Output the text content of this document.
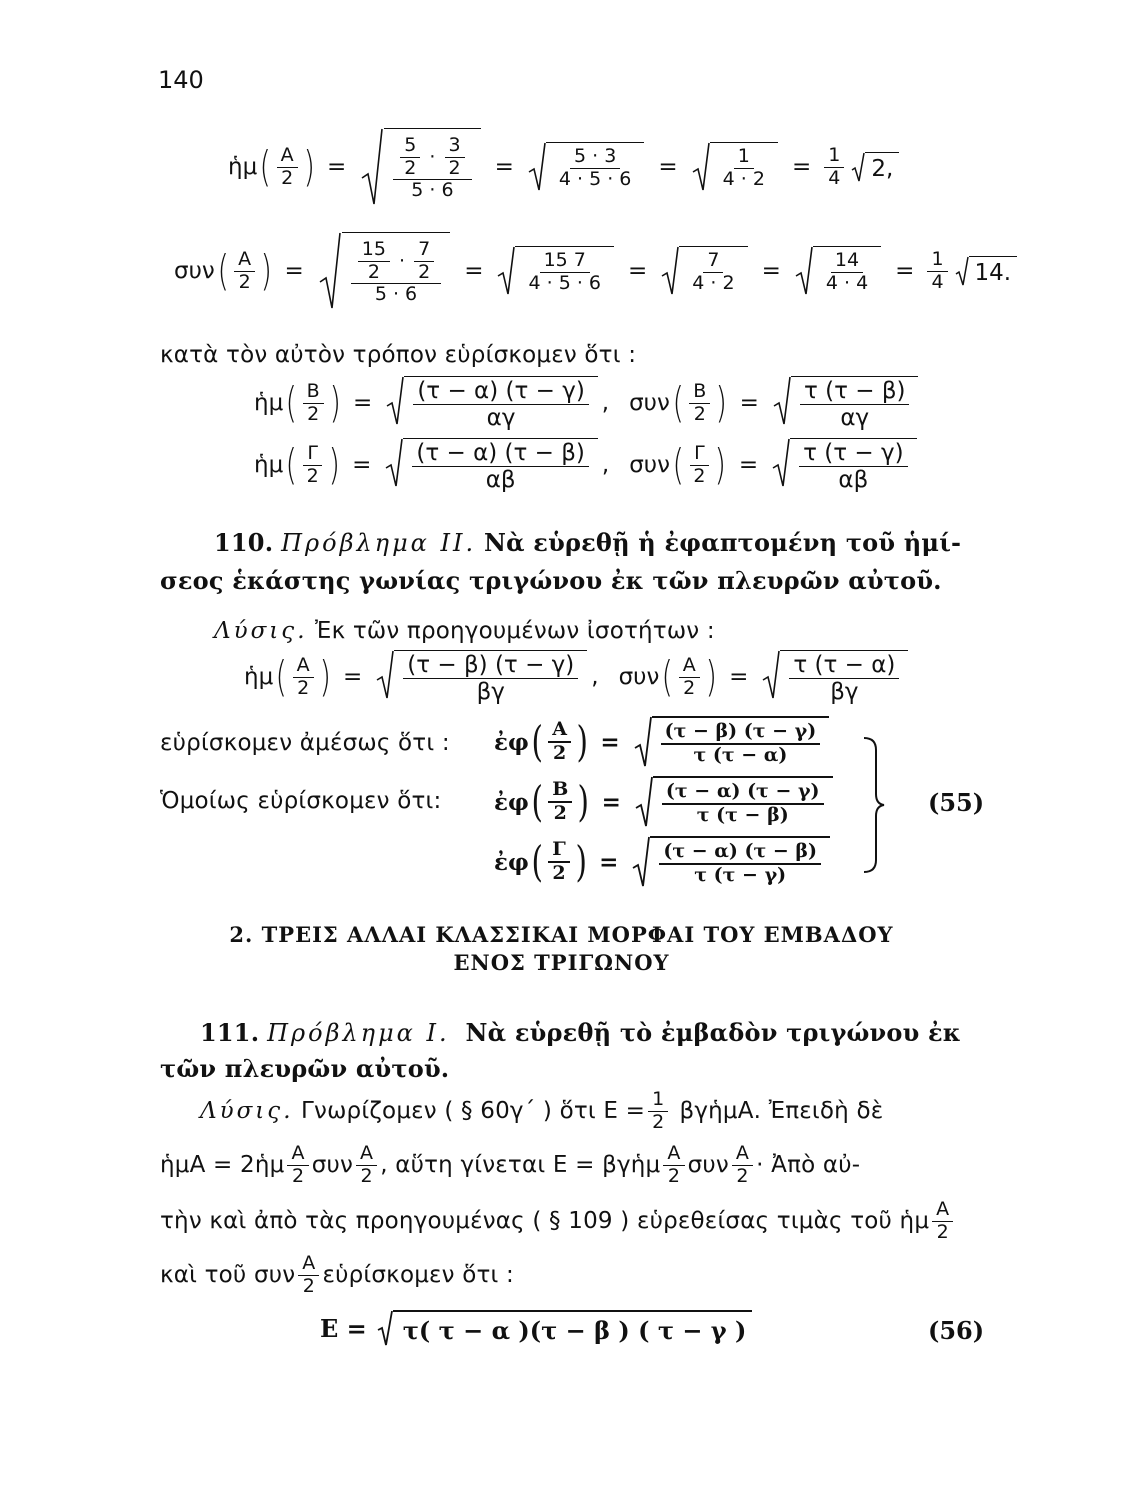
140
ἡμ ( $\frac{A}{2}$ ) = $\frac{\frac{5}{2} \cdot \frac{3}{2}}{5 \cdot 6} = \frac{5 \cdot 3}{4 \cdot 5 \cdot 6} = \frac{1}{4 \cdot 2} = \frac{1}{4} 2$,
συν ( $\frac{A}{2}$ ) = $\frac{\frac{15}{2} \cdot \frac{7}{2}}{5 \cdot 6} = \frac{15 7}{4 \cdot 5 \cdot 6} = \frac{7}{4 \cdot 2} = \frac{14}{4 \cdot 4} = \frac{1}{4} 14$.
κατὰ τὸν αὐτὸν τρόπον εὑρίσκομεν ὅτι :
ἡμ ( $\frac{B}{2}$ ) = $\frac{(\tau - \alpha) (\tau - \gamma)}{\alpha\gamma}$ , συν ( $\frac{B}{2}$ ) = $\frac{\tau (\tau - \beta)}{\alpha\gamma}$
ἡμ ( $\frac{\Gamma}{2}$ ) = $\frac{(\tau - \alpha) (\tau - \beta)}{\alpha\beta}$ , συν ( $\frac{\Gamma}{2}$ ) = $\frac{\tau (\tau - \gamma)}{\alpha\beta}$
110. Πρόβλημα ΙΙ. Νὰ εὑρεθῇ ἡ ἐφαπτομένη τοῦ ἡμί-
σεος ἑκάστης γωνίας τριγώνου ἐκ τῶν πλευρῶν αὐτοῦ.
Λύσις. Ἐκ τῶν προηγουμένων ἰσοτήτων :
ἡμ ( $\frac{A}{2}$ ) = $\frac{(\tau - \beta) (\tau - \gamma)}{\beta\gamma}$ , συν ( $\frac{A}{2}$ ) = $\frac{\tau (\tau - \alpha)}{\beta\gamma}$
εὑρίσκομεν ἀμέσως ὅτι :
Ὁμοίως εὑρίσκομεν ὅτι:
ἐφ ( $\frac{A}{2}$ ) = $\frac{(\tau - \beta) (\tau - \gamma)}{\tau (\tau - \alpha)}$
ἐφ ( $\frac{B}{2}$ ) = $\frac{(\tau - \alpha) (\tau - \gamma)}{\tau (\tau - \beta)}$
ἐφ ( $\frac{\Gamma}{2}$ ) = $\frac{(\tau - \alpha) (\tau - \beta)}{\tau (\tau - \gamma)}$
(55)
2. ΤΡΕΙΣ ΑΛΛΑΙ ΚΛΑΣΣΙΚΑΙ ΜΟΡΦΑΙ ΤΟΥ ΕΜΒΑΔΟΥ
ΕΝΟΣ ΤΡΙΓΩΝΟΥ
111. Πρόβλημα Ι. Νὰ εὑρεθῇ τὸ ἐμβαδὸν τριγώνου ἐκ
τῶν πλευρῶν αὐτοῦ.
Λύσις.
Γνωρίζομεν ( § 60γ΄ ) ὅτι $E = \frac{1}{2}$ βγἡμΑ. Ἐπειδὴ δὲ
ἡμΑ = 2ἡμ $\frac{A}{2}$ συν $\frac{A}{2}$ , αὕτη γίνεται Ε = βγἡμ $\frac{A}{2}$ συν $\frac{A}{2}$ · Ἀπὸ αὐ-
τὴν καὶ ἀπὸ τὰς προηγουμένας ( § 109 ) εὑρεθείσας τιμὰς τοῦ ἡμ $\frac{A}{2}$
καὶ τοῦ συν $\frac{A}{2}$ εὑρίσκομεν ὅτι :
Ε =	τ( τ − α )(τ − β ) ( τ − γ )	(56)
